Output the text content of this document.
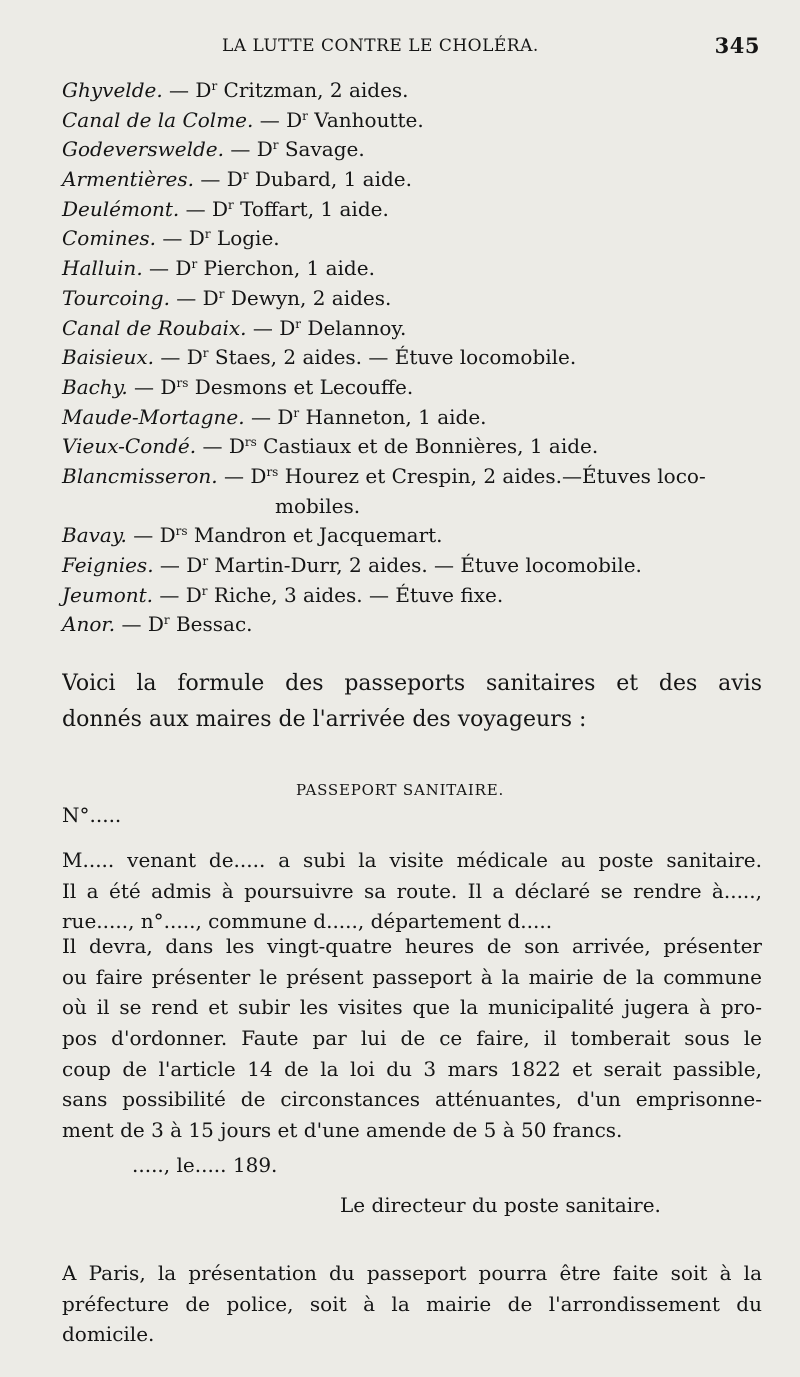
LA LUTTE CONTRE LE CHOLÉRA.	345
Ghyvelde. — $D^r$ Critzman, 2 aides.
Canal de la Colme. — $D^r$ Vanhoutte.
Godeverswelde. — $D^r$ Savage.
Armentières. — $D^r$ Dubard, 1 aide.
Deulémont. — $D^r$ Toffart, 1 aide.
Comines. — $D^r$ Logie.
Halluin. — $D^r$ Pierchon, 1 aide.
Tourcoing. — $D^r$ Dewyn, 2 aides.
Canal de Roubaix. — $D^r$ Delannoy.
Baisieux. — $D^r$ Staes, 2 aides. — Étuve locomobile.
Bachy. — $D^{rs}$ Desmons et Lecouffe.
Maude-Mortagne. — $D^r$ Hanneton, 1 aide.
Vieux-Condé. — $D^{rs}$ Castiaux et de Bonnières, 1 aide.
Blancmisseron. — $D^{rs}$ Hourez et Crespin, 2 aides.—Étuves loco-
mobiles.
Bavay. — $D^{rs}$ Mandron et Jacquemart.
Feignies. — $D^r$ Martin-Durr, 2 aides. — Étuve locomobile.
Jeumont. — $D^r$ Riche, 3 aides. — Étuve fixe.
Anor. — $D^r$ Bessac.
Voici la formule des passeports sanitaires et des avis
donnés aux maires de l'arrivée des voyageurs :
PASSEPORT SANITAIRE.
N°.....
M..... venant de..... a subi la visite médicale au poste sanitaire.
Il a été admis à poursuivre sa route. Il a déclaré se rendre à.....,
rue....., n°....., commune d....., département d.....
Il devra, dans les vingt-quatre heures de son arrivée, présenter
ou faire présenter le présent passeport à la mairie de la commune
où il se rend et subir les visites que la municipalité jugera à pro-
pos d'ordonner. Faute par lui de ce faire, il tomberait sous le
coup de l'article 14 de la loi du 3 mars 1822 et serait passible,
sans possibilité de circonstances atténuantes, d'un emprisonne-
ment de 3 à 15 jours et d'une amende de 5 à 50 francs.
....., le..... 189.
Le directeur du poste sanitaire.
A Paris, la présentation du passeport pourra être faite soit à la
préfecture de police, soit à la mairie de l'arrondissement du
domicile.
